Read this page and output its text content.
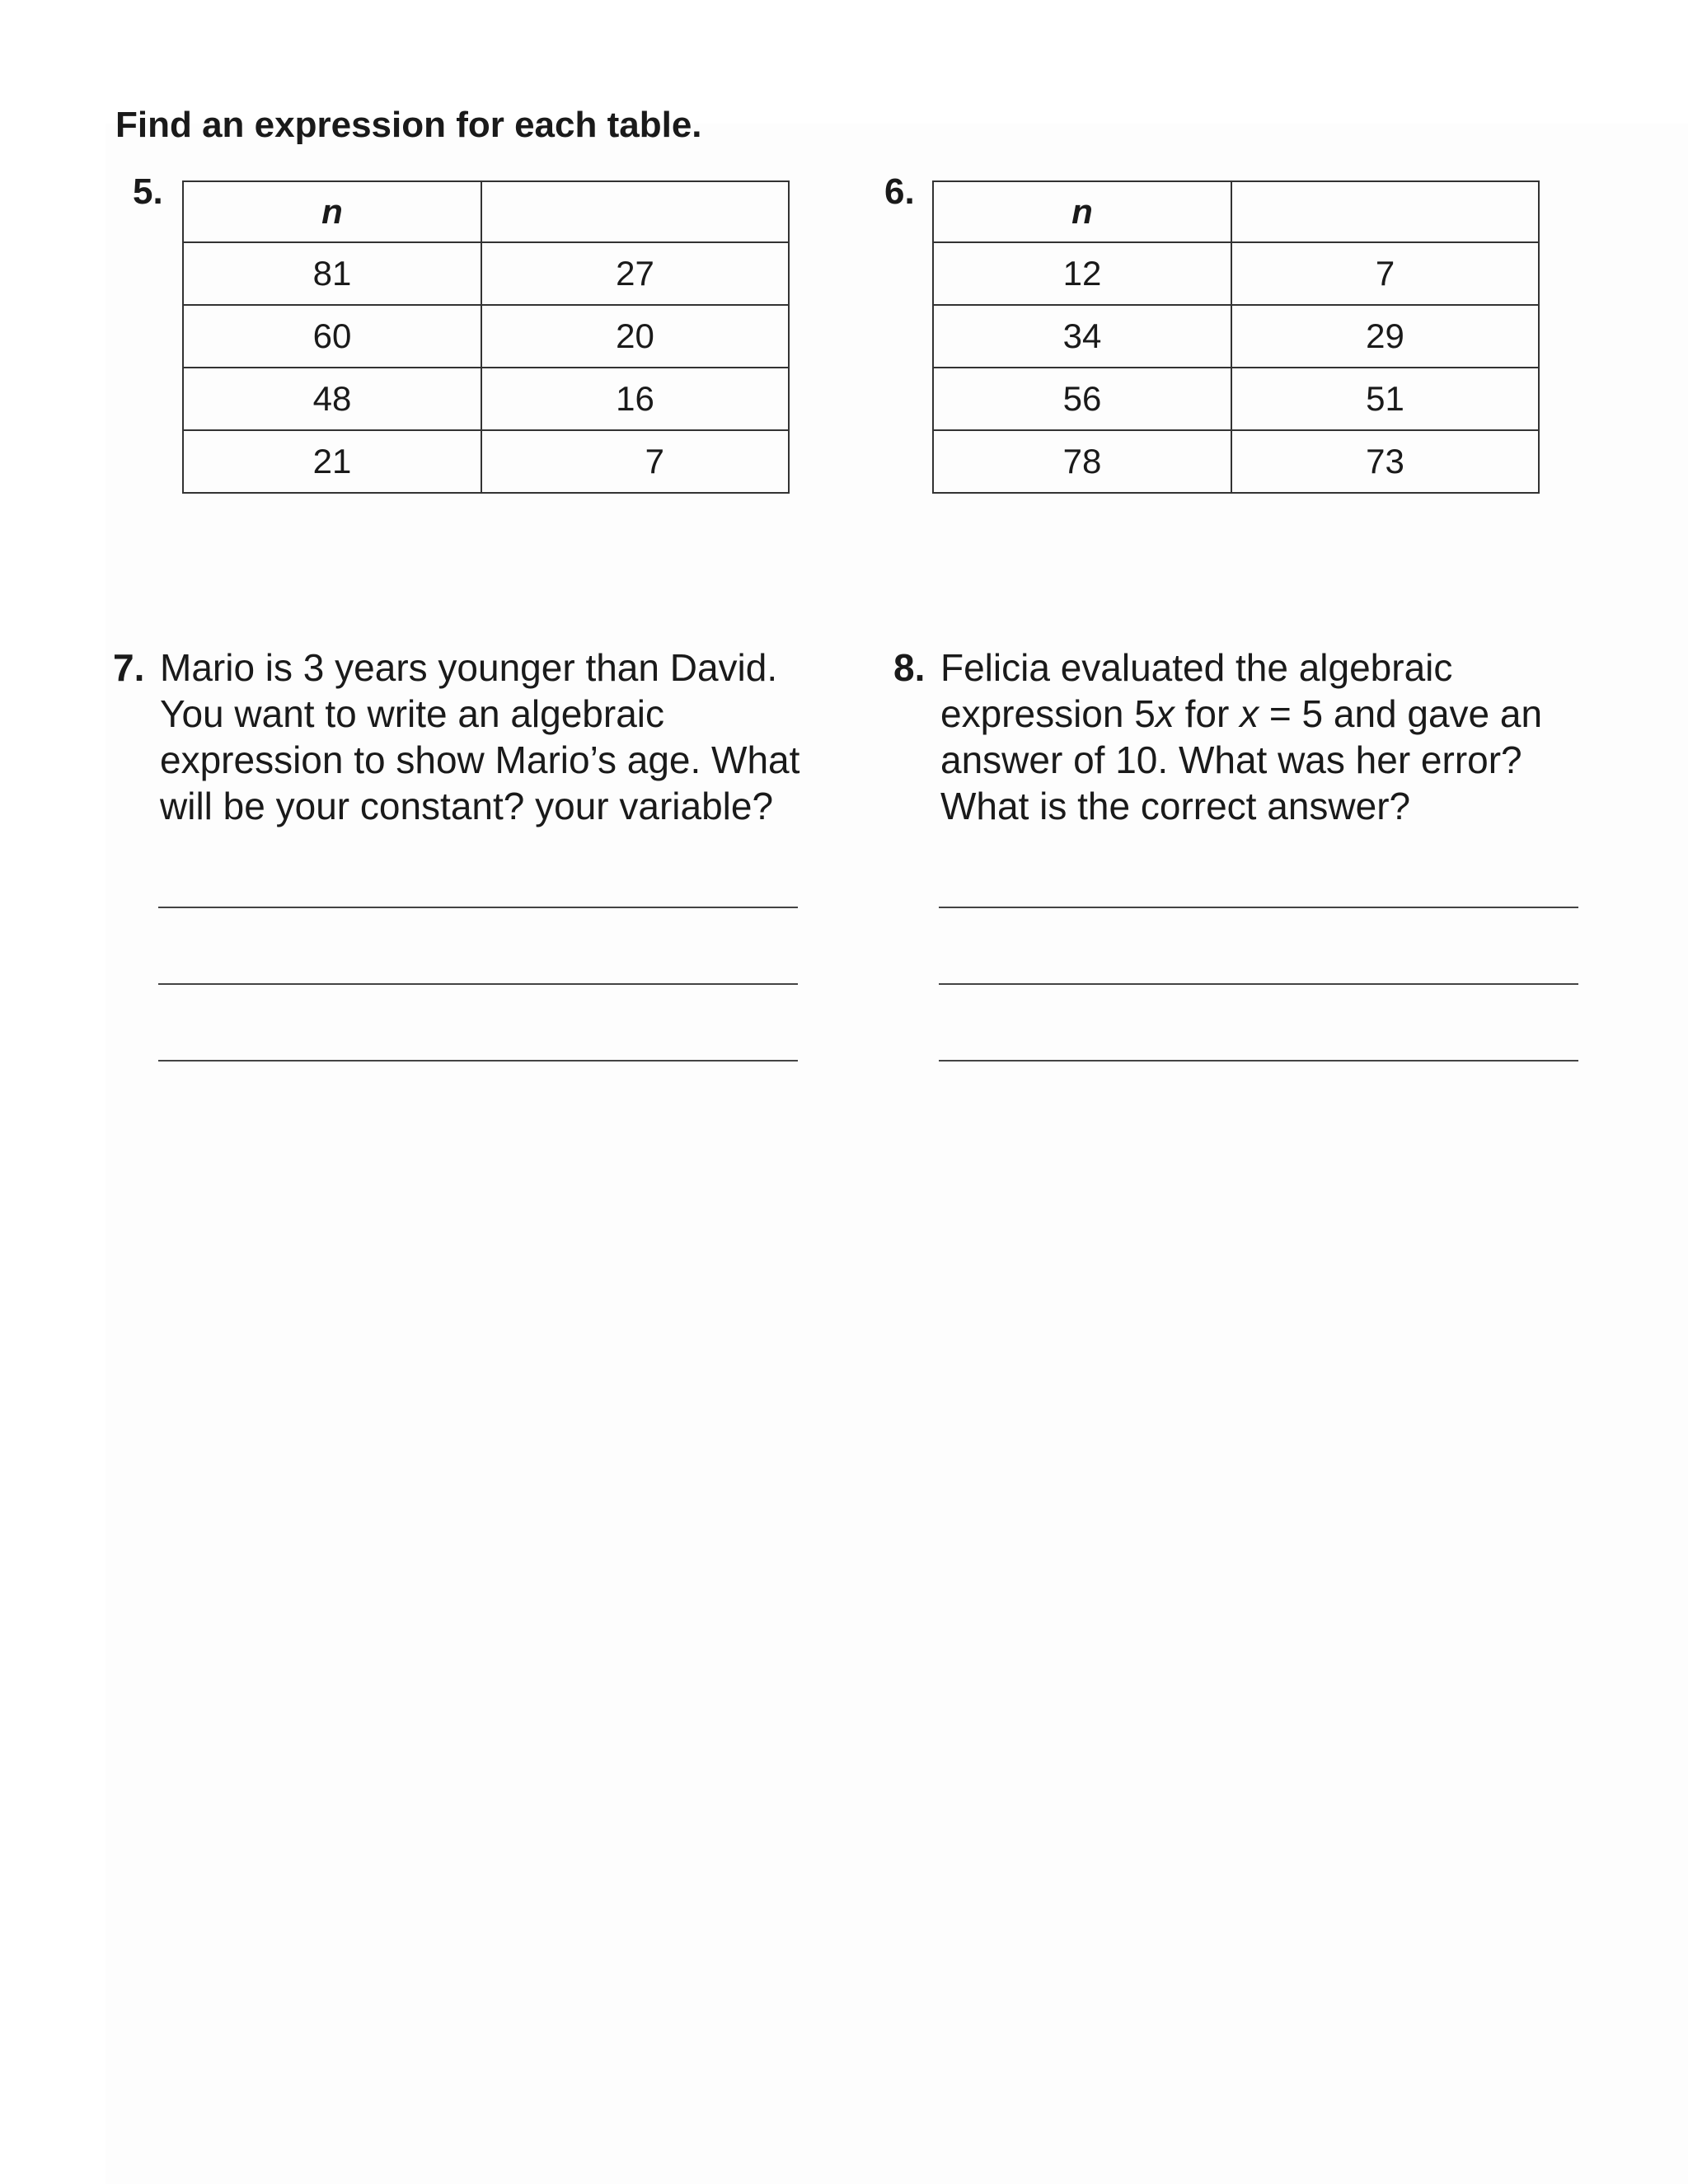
Find an expression for each table.
5.	n	
81	27
60	20
48	16
21	7
6.	n	
12	7
34	29
56	51
78	73
7. Mario is 3 years younger than David.
You want to write an algebraic
expression to show Mario’s age. What
will be your constant? your variable?
8. Felicia evaluated the algebraic
expression 5x for x = 5 and gave an
answer of 10. What was her error?
What is the correct answer?
